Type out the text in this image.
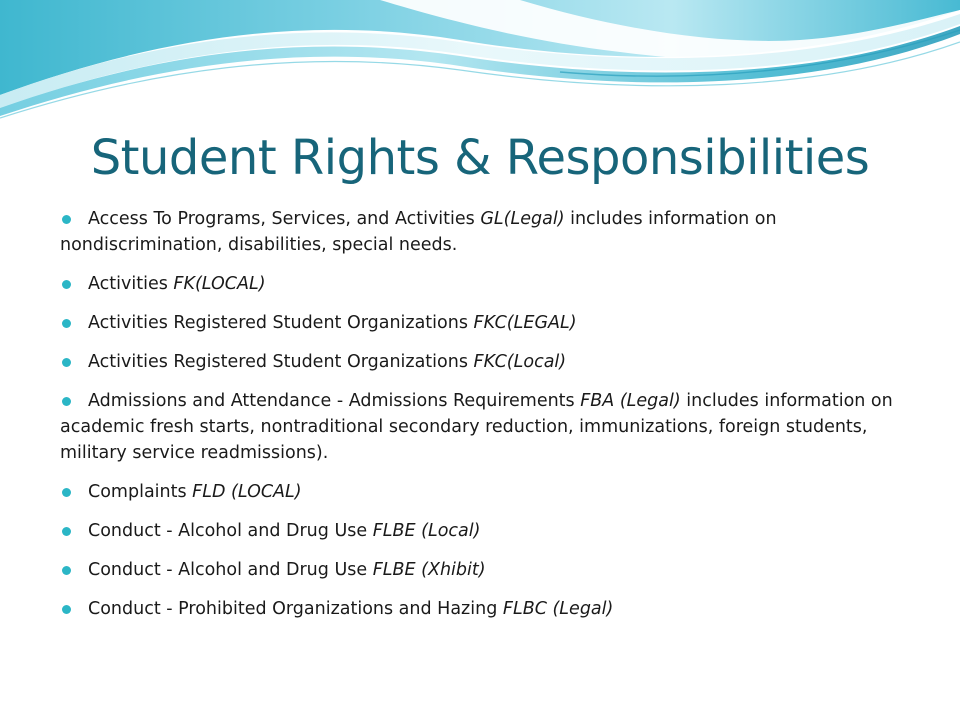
Student Rights & Responsibilities
Access To Programs, Services, and Activities GL(Legal) includes information on nondiscrimination, disabilities, special needs.
Activities FK(LOCAL)
Activities Registered Student Organizations FKC(LEGAL)
Activities Registered Student Organizations FKC(Local)
Admissions and Attendance - Admissions Requirements FBA (Legal) includes information on academic fresh starts, nontraditional secondary reduction, immunizations, foreign students, military service readmissions).
Complaints FLD (LOCAL)
Conduct - Alcohol and Drug Use FLBE (Local)
Conduct - Alcohol and Drug Use FLBE (Xhibit)
Conduct - Prohibited Organizations and Hazing FLBC (Legal)
